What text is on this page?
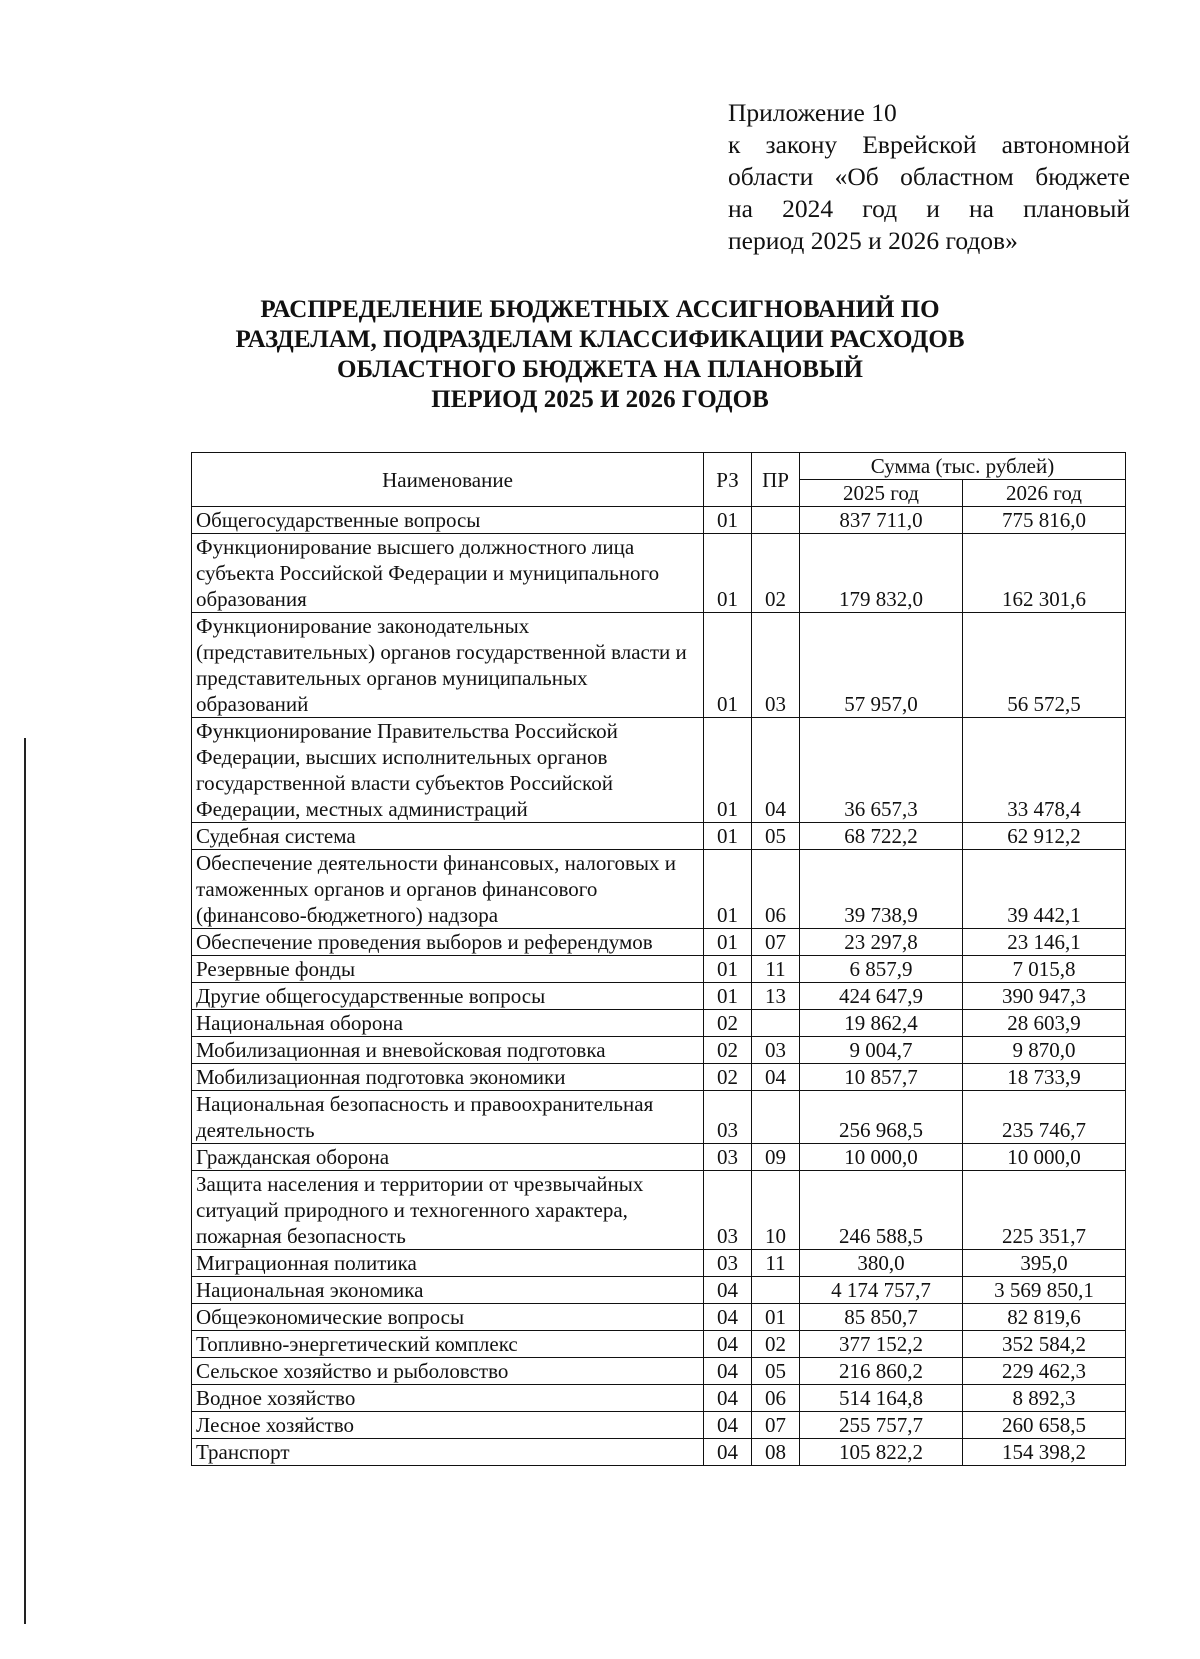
Приложение 10
к закону Еврейской автономной
области «Об областном бюджете
на 2024 год и на плановый
период 2025 и 2026 годов»
РАСПРЕДЕЛЕНИЕ БЮДЖЕТНЫХ АССИГНОВАНИЙ ПО
РАЗДЕЛАМ, ПОДРАЗДЕЛАМ КЛАССИФИКАЦИИ РАСХОДОВ
ОБЛАСТНОГО БЮДЖЕТА НА ПЛАНОВЫЙ
ПЕРИОД 2025 И 2026 ГОДОВ
Наименование	РЗ	ПР	Сумма (тыс. рублей)	
			2025 год	2026 год
Общегосударственные вопросы	01		837 711,0	775 816,0
Функционирование высшего должностного лица субъекта Российской Федерации и муниципального образования	01	02	179 832,0	162 301,6
Функционирование законодательных (представительных) органов государственной власти и представительных органов муниципальных образований	01	03	57 957,0	56 572,5
Функционирование Правительства Российской Федерации, высших исполнительных органов государственной власти субъектов Российской Федерации, местных администраций	01	04	36 657,3	33 478,4
Судебная система	01	05	68 722,2	62 912,2
Обеспечение деятельности финансовых, налоговых и таможенных органов и органов финансового (финансово-бюджетного) надзора	01	06	39 738,9	39 442,1
Обеспечение проведения выборов и референдумов	01	07	23 297,8	23 146,1
Резервные фонды	01	11	6 857,9	7 015,8
Другие общегосударственные вопросы	01	13	424 647,9	390 947,3
Национальная оборона	02		19 862,4	28 603,9
Мобилизационная и вневойсковая подготовка	02	03	9 004,7	9 870,0
Мобилизационная подготовка экономики	02	04	10 857,7	18 733,9
Национальная безопасность и правоохранительная деятельность	03		256 968,5	235 746,7
Гражданская оборона	03	09	10 000,0	10 000,0
Защита населения и территории от чрезвычайных ситуаций природного и техногенного характера, пожарная безопасность	03	10	246 588,5	225 351,7
Миграционная политика	03	11	380,0	395,0
Национальная экономика	04		4 174 757,7	3 569 850,1
Общеэкономические вопросы	04	01	85 850,7	82 819,6
Топливно-энергетический комплекс	04	02	377 152,2	352 584,2
Сельское хозяйство и рыболовство	04	05	216 860,2	229 462,3
Водное хозяйство	04	06	514 164,8	8 892,3
Лесное хозяйство	04	07	255 757,7	260 658,5
Транспорт	04	08	105 822,2	154 398,2
